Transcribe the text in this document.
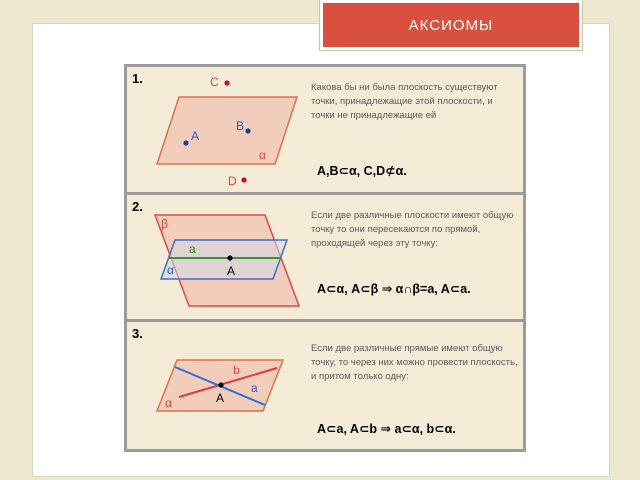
АКСИОМЫ
1.	C
A
B
α
D
Какова бы ни была плоскость существуют точки, принадлежащие этой плоскости, и точки не принадлежащие ей
A,B⊂α, C,D⊄α.
2.
β
a
A
α
Если две различные плоскости имеют общую точку то они пересекаются по прямой, проходящей через эту точку:
A⊂α, A⊂β ⇒ α∩β=a, A⊂a.
3.
b
a
A
α
Если две различные прямые имеют общую точку, то через них можно провести плоскость, и притом только одну:
A⊂a, A⊂b ⇒ a⊂α, b⊂α.
